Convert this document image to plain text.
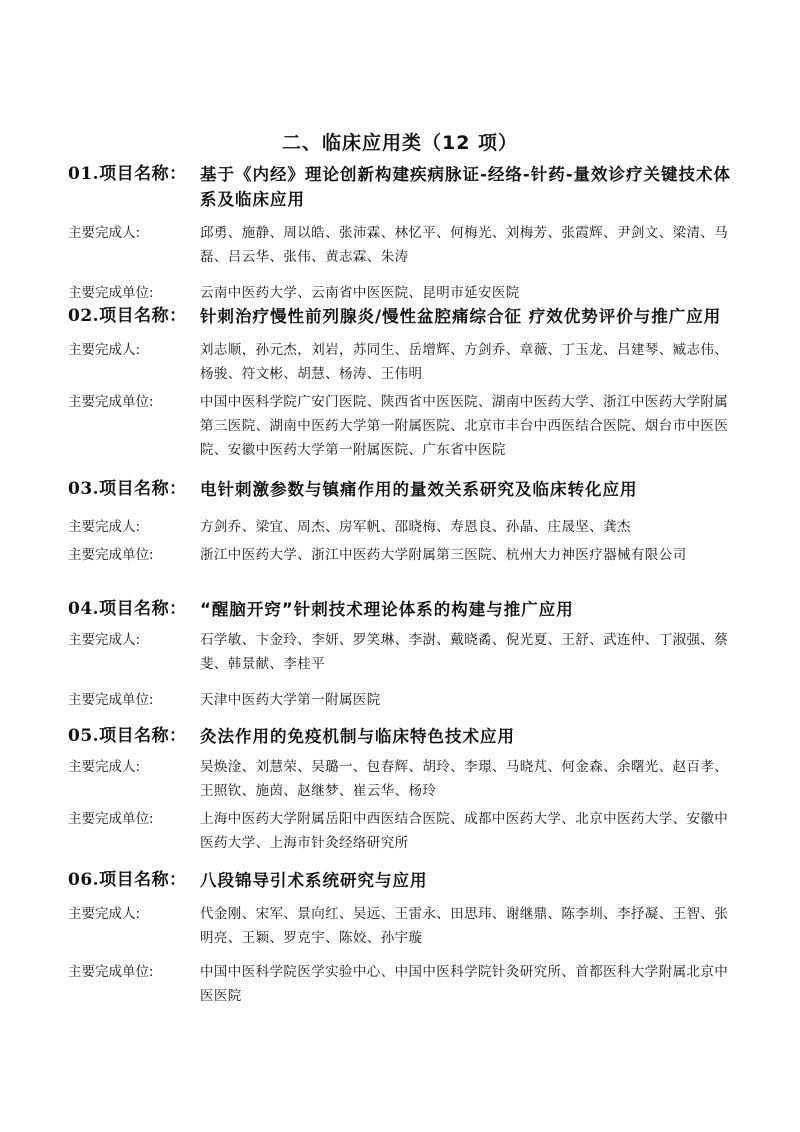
二、临床应用类（12 项）
01.项目名称： 基于《内经》理论创新构建疾病脉证-经络-针药-量效诊疗关键技术体系及临床应用
主要完成人:	邱勇、施静、周以皓、张沛霖、林忆平、何梅光、刘梅芳、张霞辉、尹剑文、梁清、马磊、吕云华、张伟、黄志霖、朱涛
主要完成单位:	云南中医药大学、云南省中医医院、昆明市延安医院
02.项目名称： 针刺治疗慢性前列腺炎/慢性盆腔痛综合征 疗效优势评价与推广应用
主要完成人:	刘志顺，孙元杰，刘岩，苏同生、岳增辉、方剑乔、章薇、丁玉龙、吕建琴、臧志伟、杨骏、符文彬、胡慧、杨涛、王伟明
主要完成单位:	中国中医科学院广安门医院、陕西省中医医院、湖南中医药大学、浙江中医药大学附属第三医院、湖南中医药大学第一附属医院、北京市丰台中西医结合医院、烟台市中医医院、安徽中医药大学第一附属医院、广东省中医院
03.项目名称： 电针刺激参数与镇痛作用的量效关系研究及临床转化应用
主要完成人:	方剑乔、梁宜、周杰、房军帆、邵晓梅、寿恩良、孙晶、庄晟坚、龚杰
主要完成单位:	浙江中医药大学、浙江中医药大学附属第三医院、杭州大力神医疗器械有限公司
04.项目名称： “醒脑开窍”针刺技术理论体系的构建与推广应用
主要完成人:	石学敏、卞金玲、李妍、罗笑琳、李澍、戴晓矞、倪光夏、王舒、武连仲、丁淑强、蔡斐、韩景献、李桂平
主要完成单位:	天津中医药大学第一附属医院
05.项目名称： 灸法作用的免疫机制与临床特色技术应用
主要完成人:	吴焕淦、刘慧荣、吴璐一、包春辉、胡玲、李璟、马晓芃、何金森、余曙光、赵百孝、王照钦、施茵、赵继梦、崔云华、杨玲
主要完成单位:	上海中医药大学附属岳阳中西医结合医院、成都中医药大学、北京中医药大学、安徽中医药大学、上海市针灸经络研究所
06.项目名称： 八段锦导引术系统研究与应用
主要完成人:	代金刚、宋军、景向红、吴远、王雷永、田思玮、谢继鼎、陈李圳、李抒凝、王智、张明亮、王颖、罗克宇、陈姣、孙宇璇
主要完成单位:	中国中医科学院医学实验中心、中国中医科学院针灸研究所、首都医科大学附属北京中医医院
